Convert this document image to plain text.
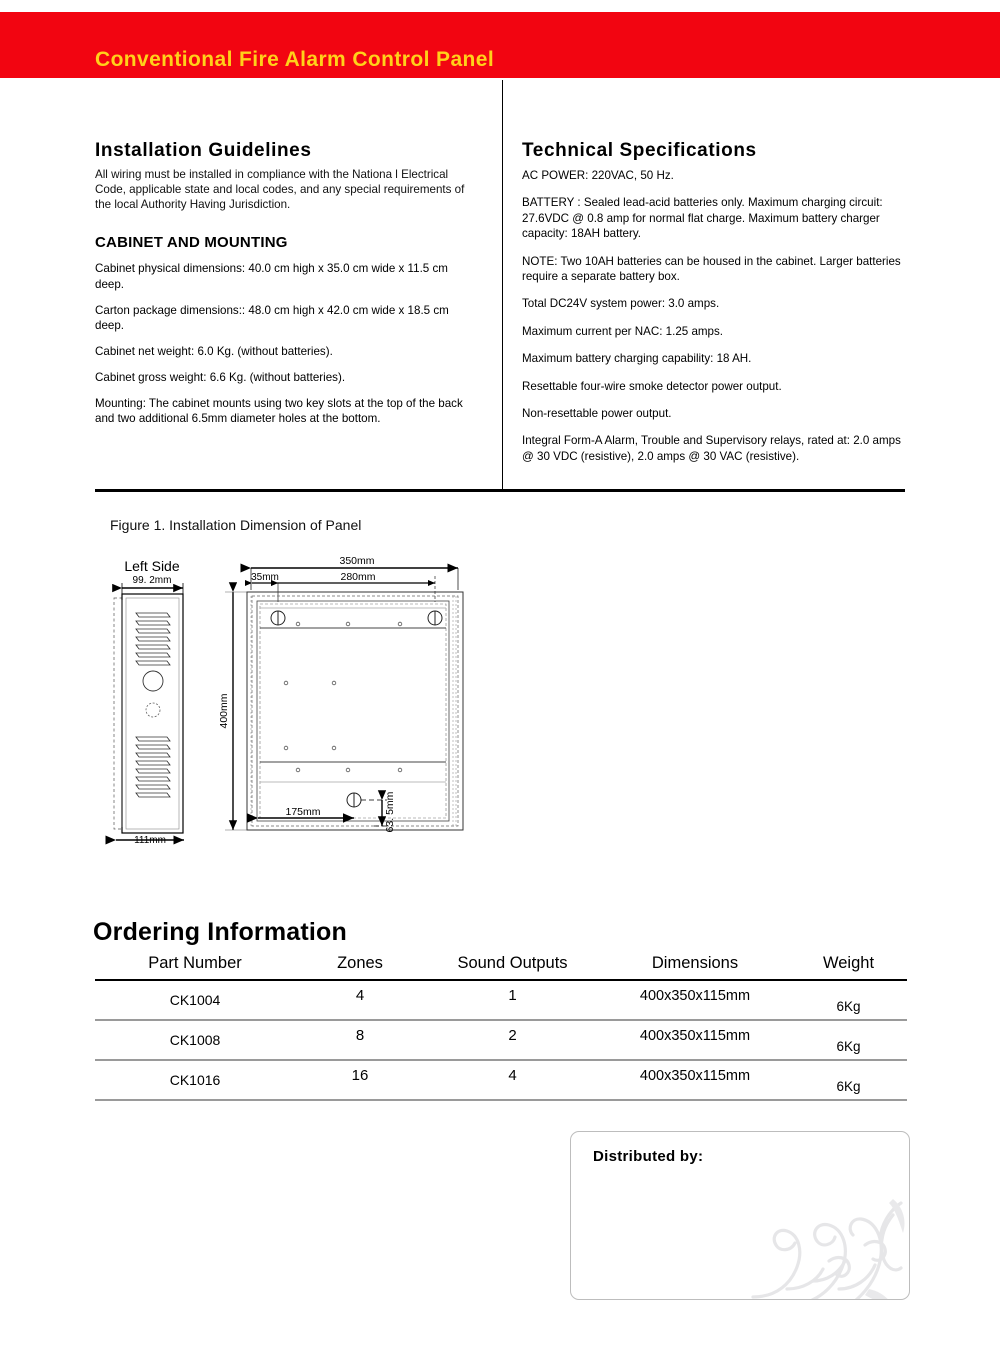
Conventional Fire Alarm Control Panel
Installation Guidelines

All wiring must be installed in compliance with the Nationa l Electrical Code, applicable state and local codes, and any special requirements of the local Authority Having Jurisdiction.

CABINET AND MOUNTING
Cabinet physical dimensions: 40.0 cm high x 35.0 cm wide x 11.5 cm deep.
Carton package dimensions:: 48.0 cm high x 42.0 cm wide x 18.5 cm deep.
Cabinet net weight: 6.0 Kg. (without batteries).
Cabinet gross weight: 6.6 Kg. (without batteries).
Mounting: The cabinet mounts using two key slots at the top of the back and two additional 6.5mm diameter holes at the bottom.
Technical Specifications
AC POWER: 220VAC, 50 Hz.
BATTERY : Sealed lead-acid batteries only. Maximum charging circuit: 27.6VDC @ 0.8 amp for normal flat charge. Maximum battery charger capacity: 18AH battery.
NOTE: Two 10AH batteries can be housed in the cabinet. Larger batteries require a separate battery box.
Total DC24V system power: 3.0 amps.
Maximum current per NAC: 1.25 amps.
Maximum battery charging capability: 18 AH.
Resettable four-wire smoke detector power output.
Non-resettable power output.
Integral Form-A Alarm, Trouble and Supervisory relays, rated at: 2.0 amps @ 30 VDC (resistive), 2.0 amps @ 30 VAC (resistive).
Figure 1. Installation Dimension of Panel
Left Side
99. 2mm
111mm
350mm
35mm	280mm
400mm
175mm	63. 5mm
Ordering Information
Part Number	Zones	Sound Outputs	Dimensions	Weight
CK1004	4	1	400x350x115mm	6Kg
CK1008	8	2	400x350x115mm	6Kg
CK1016	16	4	400x350x115mm	6Kg
Distributed by:
